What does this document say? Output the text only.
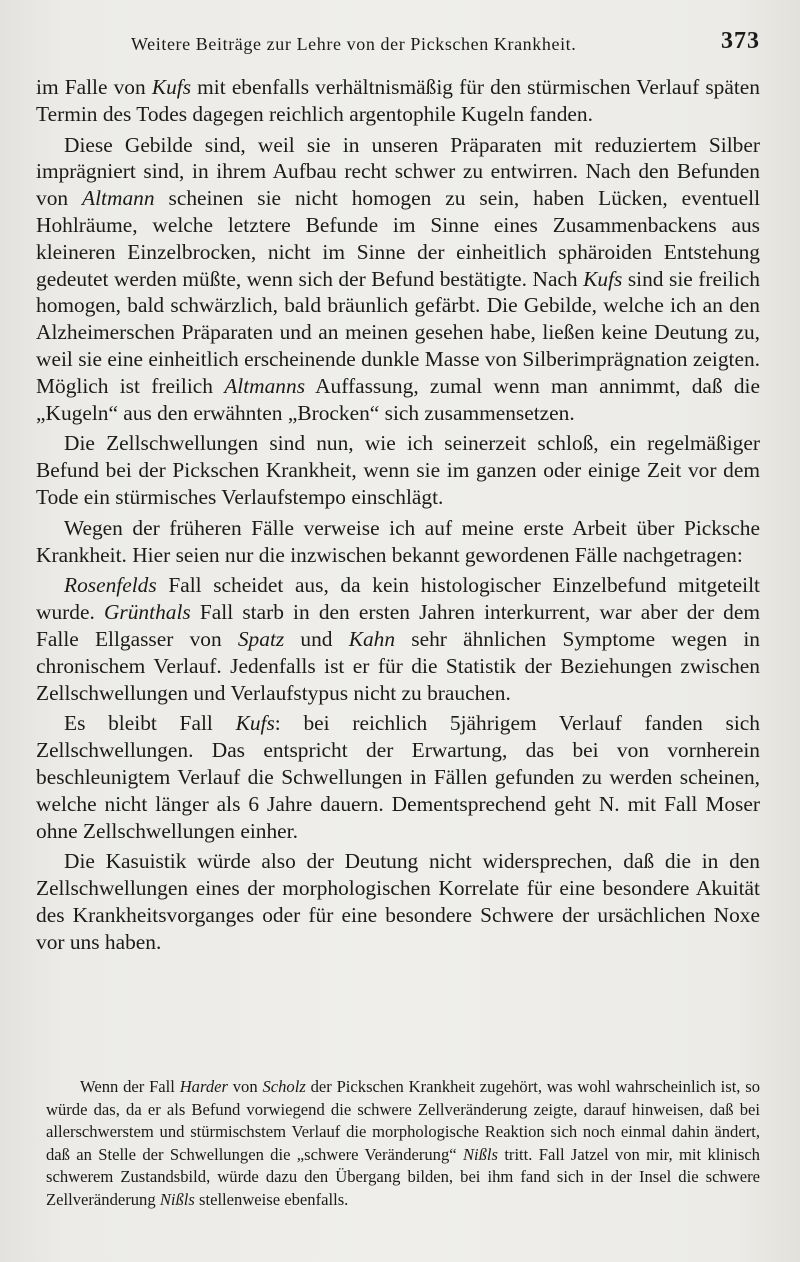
Weitere Beiträge zur Lehre von der Pickschen Krankheit.	373

im Falle von Kufs mit ebenfalls verhältnismäßig für den stürmischen Verlauf späten Termin des Todes dagegen reichlich argentophile Kugeln fanden.

Diese Gebilde sind, weil sie in unseren Präparaten mit reduziertem Silber imprägniert sind, in ihrem Aufbau recht schwer zu entwirren. Nach den Befunden von Altmann scheinen sie nicht homogen zu sein, haben Lücken, eventuell Hohlräume, welche letztere Befunde im Sinne eines Zusammenbackens aus kleineren Einzelbrocken, nicht im Sinne der einheitlich sphäroiden Entstehung gedeutet werden müßte, wenn sich der Befund bestätigte. Nach Kufs sind sie freilich homogen, bald schwärzlich, bald bräunlich gefärbt. Die Gebilde, welche ich an den Alzheimerschen Präparaten und an meinen gesehen habe, ließen keine Deutung zu, weil sie eine einheitlich erscheinende dunkle Masse von Silberimprägnation zeigten. Möglich ist freilich Altmanns Auffassung, zumal wenn man annimmt, daß die „Kugeln“ aus den erwähnten „Brocken“ sich zusammensetzen.

Die Zellschwellungen sind nun, wie ich seinerzeit schloß, ein regelmäßiger Befund bei der Pickschen Krankheit, wenn sie im ganzen oder einige Zeit vor dem Tode ein stürmisches Verlaufstempo einschlägt.

Wegen der früheren Fälle verweise ich auf meine erste Arbeit über Picksche Krankheit. Hier seien nur die inzwischen bekannt gewordenen Fälle nachgetragen:

Rosenfelds Fall scheidet aus, da kein histologischer Einzelbefund mitgeteilt wurde. Grünthals Fall starb in den ersten Jahren interkurrent, war aber der dem Falle Ellgasser von Spatz und Kahn sehr ähnlichen Symptome wegen in chronischem Verlauf. Jedenfalls ist er für die Statistik der Beziehungen zwischen Zellschwellungen und Verlaufstypus nicht zu brauchen.

Es bleibt Fall Kufs: bei reichlich 5jährigem Verlauf fanden sich Zellschwellungen. Das entspricht der Erwartung, das bei von vornherein beschleunigtem Verlauf die Schwellungen in Fällen gefunden zu werden scheinen, welche nicht länger als 6 Jahre dauern. Dementsprechend geht N. mit Fall Moser ohne Zellschwellungen einher.

Die Kasuistik würde also der Deutung nicht widersprechen, daß die in den Zellschwellungen eines der morphologischen Korrelate für eine besondere Akuität des Krankheitsvorganges oder für eine besondere Schwere der ursächlichen Noxe vor uns haben.

Wenn der Fall Harder von Scholz der Pickschen Krankheit zugehört, was wohl wahrscheinlich ist, so würde das, da er als Befund vorwiegend die schwere Zellveränderung zeigte, darauf hinweisen, daß bei allerschwerstem und stürmischstem Verlauf die morphologische Reaktion sich noch einmal dahin ändert, daß an Stelle der Schwellungen die „schwere Veränderung“ Nißls tritt. Fall Jatzel von mir, mit klinisch schwerem Zustandsbild, würde dazu den Übergang bilden, bei ihm fand sich in der Insel die schwere Zellveränderung Nißls stellenweise ebenfalls.
